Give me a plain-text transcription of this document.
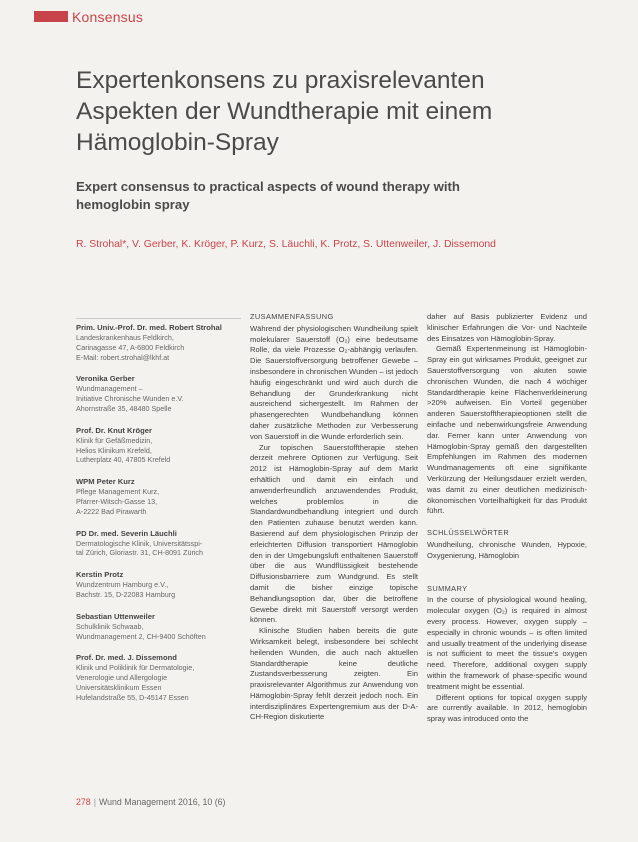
Konsensus
Expertenkonsens zu praxisrelevanten Aspekten der Wundtherapie mit einem Hämoglobin-Spray
Expert consensus to practical aspects of wound therapy with hemoglobin spray
R. Strohal*, V. Gerber, K. Kröger, P. Kurz, S. Läuchli, K. Protz, S. Uttenweiler, J. Dissemond
Prim. Univ.-Prof. Dr. med. Robert Strohal
Landeskrankenhaus Feldkirch,
Carinagasse 47, A-6800 Feldkirch
E-Mail: robert.strohal@lkhf.at
Veronika Gerber
Wundmanagement –
Initiative Chronische Wunden e.V.
Ahornstraße 35, 48480 Spelle
Prof. Dr. Knut Kröger
Klinik für Gefäßmedizin,
Helios Klinikum Krefeld,
Lutherplatz 40, 47805 Krefeld
WPM Peter Kurz
Pflege Management Kurz,
Pfarrer-Witsch-Gasse 13,
A-2222 Bad Pirawarth
PD Dr. med. Severin Läuchli
Dermatologische Klinik, Universitätsspi-
tal Zürich, Gloriastr. 31, CH-8091 Zürich
Kerstin Protz
Wundzentrum Hamburg e.V.,
Bachstr. 15, D-22083 Hamburg
Sebastian Uttenweiler
Schulklinik Schwaab,
Wundmanagement 2, CH-9400 Schöften
Prof. Dr. med. J. Dissemond
Klinik und Poliklinik für Dermatologie,
Venerologie und Allergologie
Universitätsklinikum Essen
Hufelandstraße 55, D-45147 Essen
ZUSAMMENFASSUNG

Während der physiologischen Wundheilung spielt molekularer Sauerstoff (O₂) eine bedeutsame Rolle, da viele Prozesse O₂-abhängig verlaufen. Die Sauerstoffversorgung betroffener Gewebe – insbesondere in chronischen Wunden – ist jedoch häufig eingeschränkt und wird auch durch die Behandlung der Grunderkrankung nicht ausreichend sichergestellt. Im Rahmen der phasengerechten Wundbehandlung können daher zusätzliche Methoden zur Verbesserung von Sauerstoff in die Wunde erforderlich sein.

Zur topischen Sauerstofftherapie stehen derzeit mehrere Optionen zur Verfügung. Seit 2012 ist Hämoglobin-Spray auf dem Markt erhältlich und damit ein einfach und anwenderfreundlich anzuwendendes Produkt, welches problemlos in die Standardwundbehandlung integriert und durch den Patienten zuhause benutzt werden kann. Basierend auf dem physiologischen Prinzip der erleichterten Diffusion transportiert Hämoglobin den in der Umgebungsluft enthaltenen Sauerstoff über die aus Wundflüssigkeit bestehende Diffusionsbarriere zum Wundgrund. Es stellt damit die bisher einzige topische Behandlungsoption dar, über die betroffene Gewebe direkt mit Sauerstoff versorgt werden können.

Klinische Studien haben bereits die gute Wirksamkeit belegt, insbesondere bei schlecht heilenden Wunden, die auch nach aktuellen Standardtherapie keine deutliche Zustandsverbesserung zeigten. Ein praxisrelevanter Algorithmus zur Anwendung von Hämoglobin-Spray fehlt derzeit jedoch noch. Ein interdisziplinäres Expertengremium aus der D-A-CH-Region diskutierte

daher auf Basis publizierter Evidenz und klinischer Erfahrungen die Vor- und Nachteile des Einsatzes von Hämoglobin-Spray.

Gemäß Expertenmeinung ist Hämoglobin-Spray ein gut wirksames Produkt, geeignet zur Sauerstoffversorgung von akuten sowie chronischen Wunden, die nach 4 wöchiger Standardtherapie keine Flächenverkleinerung >20% aufweisen. Ein Vorteil gegenüber anderen Sauerstofftherapieoptionen stellt die einfache und nebenwirkungsfreie Anwendung dar. Ferner kann unter Anwendung von Hämoglobin-Spray gemäß den dargestellten Empfehlungen im Rahmen des modernen Wundmanagements oft eine signifikante Verkürzung der Heilungsdauer erzielt werden, was damit zu einer deutlichen medizinisch-ökonomischen Vorteilhaftigkeit für das Produkt führt.

SCHLÜSSELWÖRTER

Wundheilung, chronische Wunden, Hypoxie, Oxygenierung, Hämoglobin

SUMMARY

In the course of physiological wound healing, molecular oxygen (O₂) is required in almost every process. However, oxygen supply – especially in chronic wounds – is often limited and usually treatment of the underlying disease is not sufficient to meet the tissue's oxygen need. Therefore, additional oxygen supply within the framework of phase-specific wound treatment might be essential.

Different options for topical oxygen supply are currently available. In 2012, hemoglobin spray was introduced onto the

278 | Wund Management 2016, 10 (6)
